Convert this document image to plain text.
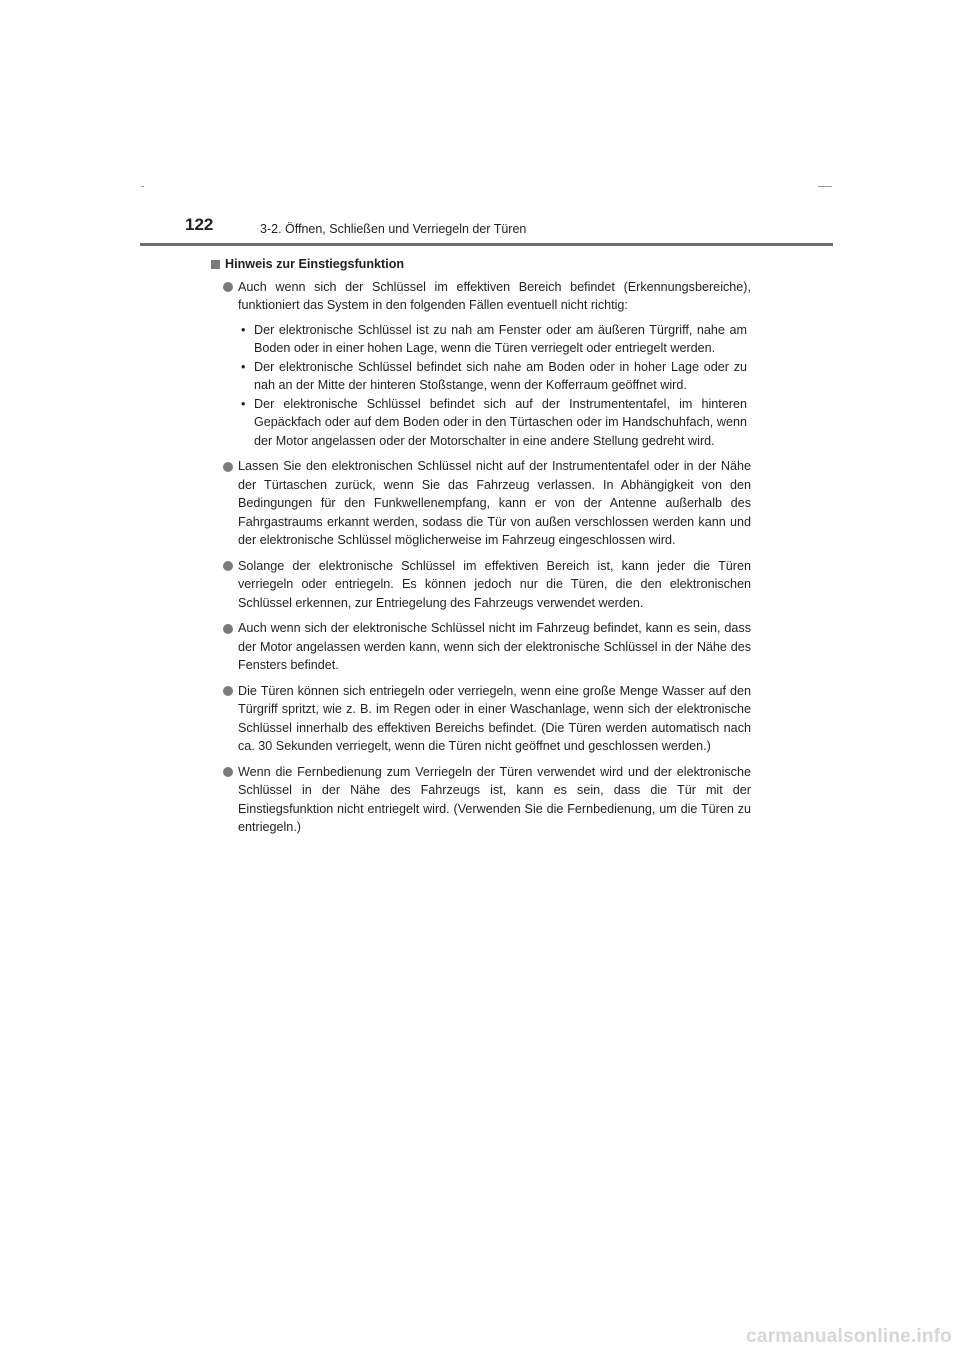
122	3-2. Öffnen, Schließen und Verriegeln der Türen
Hinweis zur Einstiegsfunktion
Auch wenn sich der Schlüssel im effektiven Bereich befindet (Erkennungsbereiche), funktioniert das System in den folgenden Fällen eventuell nicht richtig:
• Der elektronische Schlüssel ist zu nah am Fenster oder am äußeren Türgriff, nahe am Boden oder in einer hohen Lage, wenn die Türen verriegelt oder entriegelt werden.
• Der elektronische Schlüssel befindet sich nahe am Boden oder in hoher Lage oder zu nah an der Mitte der hinteren Stoßstange, wenn der Kofferraum geöffnet wird.
• Der elektronische Schlüssel befindet sich auf der Instrumententafel, im hinteren Gepäckfach oder auf dem Boden oder in den Türtaschen oder im Handschuhfach, wenn der Motor angelassen oder der Motorschalter in eine andere Stellung gedreht wird.
Lassen Sie den elektronischen Schlüssel nicht auf der Instrumententafel oder in der Nähe der Türtaschen zurück, wenn Sie das Fahrzeug verlassen. In Abhängigkeit von den Bedingungen für den Funkwellenempfang, kann er von der Antenne außerhalb des Fahrgastraums erkannt werden, sodass die Tür von außen verschlossen werden kann und der elektronische Schlüssel möglicherweise im Fahrzeug eingeschlossen wird.
Solange der elektronische Schlüssel im effektiven Bereich ist, kann jeder die Türen verriegeln oder entriegeln. Es können jedoch nur die Türen, die den elektronischen Schlüssel erkennen, zur Entriegelung des Fahrzeugs verwendet werden.
Auch wenn sich der elektronische Schlüssel nicht im Fahrzeug befindet, kann es sein, dass der Motor angelassen werden kann, wenn sich der elektronische Schlüssel in der Nähe des Fensters befindet.
Die Türen können sich entriegeln oder verriegeln, wenn eine große Menge Wasser auf den Türgriff spritzt, wie z. B. im Regen oder in einer Waschanlage, wenn sich der elektronische Schlüssel innerhalb des effektiven Bereichs befindet. (Die Türen werden automatisch nach ca. 30 Sekunden verriegelt, wenn die Türen nicht geöffnet und geschlossen werden.)
Wenn die Fernbedienung zum Verriegeln der Türen verwendet wird und der elektronische Schlüssel in der Nähe des Fahrzeugs ist, kann es sein, dass die Tür mit der Einstiegsfunktion nicht entriegelt wird. (Verwenden Sie die Fernbedienung, um die Türen zu entriegeln.)
carmanualsonline.info
